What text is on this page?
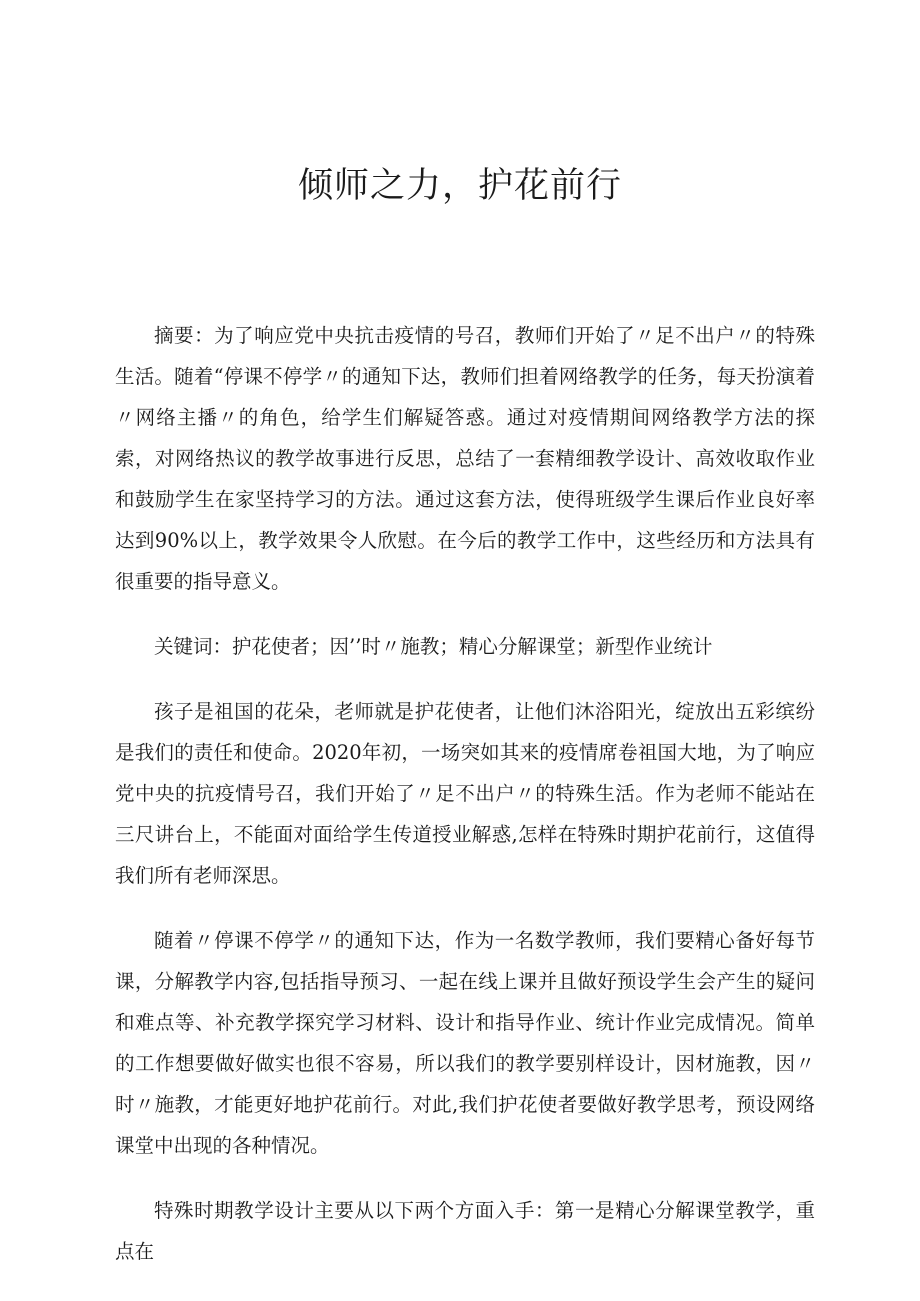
倾师之力，护花前行

摘要：为了响应党中央抗击疫情的号召，教师们开始了〃足不出户〃的特殊生活。随着“停课不停学〃的通知下达，教师们担着网络教学的任务，每天扮演着〃网络主播〃的角色，给学生们解疑答惑。通过对疫情期间网络教学方法的探索，对网络热议的教学故事进行反思，总结了一套精细教学设计、高效收取作业和鼓励学生在家坚持学习的方法。通过这套方法，使得班级学生课后作业良好率达到90%以上，教学效果令人欣慰。在今后的教学工作中，这些经历和方法具有很重要的指导意义。

关键词：护花使者；因’’时〃施教；精心分解课堂；新型作业统计

孩子是祖国的花朵，老师就是护花使者，让他们沐浴阳光，绽放出五彩缤纷是我们的责任和使命。2020年初，一场突如其来的疫情席卷祖国大地，为了响应党中央的抗疫情号召，我们开始了〃足不出户〃的特殊生活。作为老师不能站在三尺讲台上，不能面对面给学生传道授业解惑,怎样在特殊时期护花前行，这值得我们所有老师深思。

随着〃停课不停学〃的通知下达，作为一名数学教师，我们要精心备好每节课，分解教学内容,包括指导预习、一起在线上课并且做好预设学生会产生的疑问和难点等、补充教学探究学习材料、设计和指导作业、统计作业完成情况。简单的工作想要做好做实也很不容易，所以我们的教学要别样设计，因材施教，因〃时〃施教，才能更好地护花前行。对此,我们护花使者要做好教学思考，预设网络课堂中出现的各种情况。

特殊时期教学设计主要从以下两个方面入手：第一是精心分解课堂教学，重点在
